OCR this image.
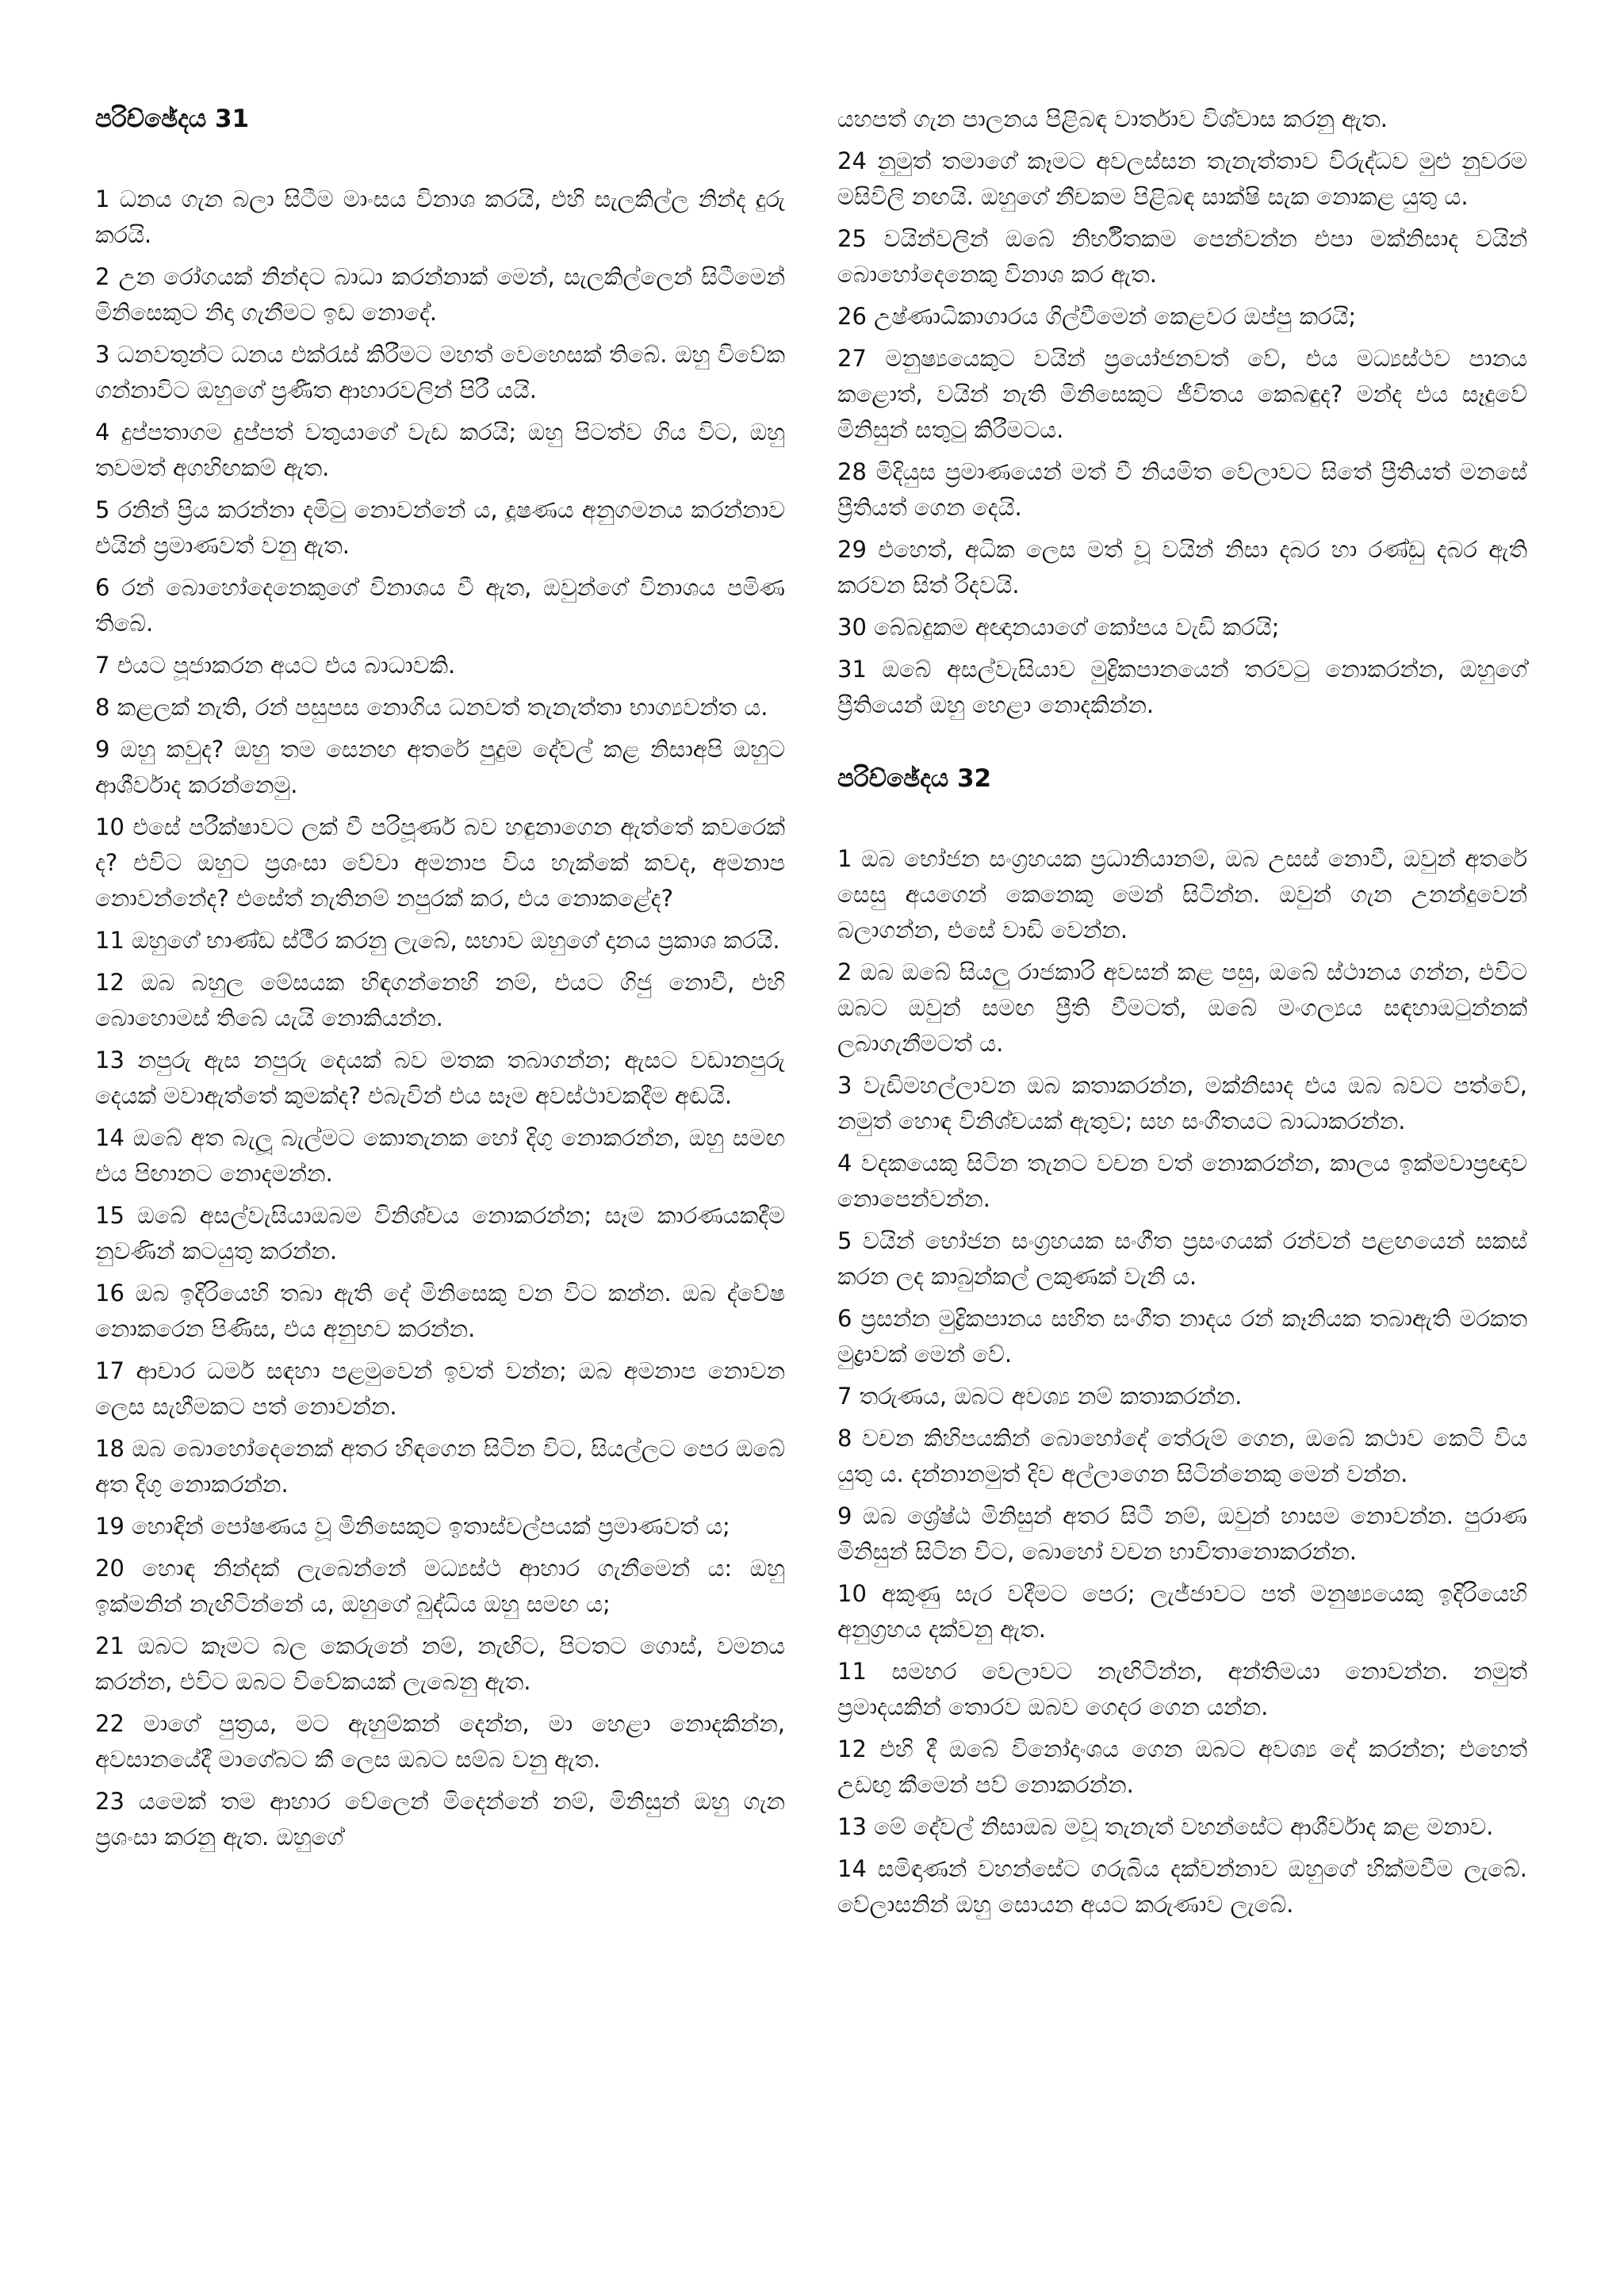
පරිච්ඡේදය 31

1 ධනය ගැන බලා සිටීම මාංසය විනාශ කරයි, එහි සැලකිල්ල නින්ද දුරු කරයි.

2 උන රෝගයක් නින්දට බාධා කරන්නාක් මෙන්, සැලකිල්ලෙන් සිටීමෙන් මිනිසෙකුට නිදා ගැනීමට ඉඩ නොදේ.

3 ධනවතුන්ට ධනය එක්රැස් කිරීමට මහත් වෙහෙසක් තිබේ. ඔහු විවේක ගන්නාවිට ඔහුගේ ප්‍රණීත ආහාරවලින් පිරී යයි.

4 දුප්පතාගම දුප්පත් වතුයාගේ වැඩ කරයි; ඔහු පිටත්ව ගිය විට, ඔහු තවමත් අගහිඟකම් ඇත.

5 රනින් ප්‍රිය කරන්නා දමිටු නොවන්නේ ය, දූෂණය අනුගමනය කරන්නාව එයින් ප්‍රමාණවත් වනු ඇත.

6 රන් බොහෝදෙනෙකුගේ විනාශය වී ඇත, ඔවුන්ගේ විනාශය පමිණ තිබේ.

7 එයට පූජාකරන අයට එය බාධාවකි.

8 කළලක් නැති, රන් පසුපස නොගිය ධනවත් තැනැත්තා භාග්‍යවන්ත ය.

9 ඔහු කවුද? ඔහු තම සෙනඟ අතරේ පුදුම දේවල් කළ නිසාඅපි ඔහුට ආශීර්වාද කරන්නෙමු.

10 එසේ පරීක්ෂාවට ලක් වී පරිපූර්ණ බව හඳුනාගෙන ඇත්තේ කවරෙක් ද? එවිට ඔහුට ප්‍රශංසා වේවා අමනාප විය හැක්කේ කවද, අමනාප නොවන්නේද? එසේත් නැතිනම් නපුරක් කර, එය නොකළේද?

11 ඔහුගේ භාණ්ඩ ස්ථීර කරනු ලැබේ, සභාව ඔහුගේ දානය ප්‍රකාශ කරයි.

12 ඔබ බහුල මේසයක හිඳගන්නෙහි නම්, එයට ගිජු නොවී, එහි බොහොමස් තිබේ යැයි නොකියන්න.

13 නපුරු ඇස නපුරු දෙයක් බව මතක තබාගන්න; ඇසට වඩානපුරු දෙයක් මවාඇත්තේ කුමක්ද? එබැවින් එය සෑම අවස්ථාවකදීම අඬයි.

14 ඔබේ අත බැලූ බැල්මට කොතැනක හෝ දිගු නොකරන්න, ඔහු සමඟ එය පිඟානට නොදමන්න.

15 ඔබේ අසල්වැසියාඔබම විනිශ්චය නොකරන්න; සෑම කාරණයකදීම නුවණින් කටයුතු කරන්න.

16 ඔබ ඉදිරියෙහි තබා ඇති දේ මිනිසෙකු වන විට කන්න. ඔබ ද්වේෂ නොකරෙන පිණිස, එය අනුභව කරන්න.

17 ආචාර ධර්ම සඳහා පළමුවෙන් ඉවත් වන්න; ඔබ අමනාප නොවන ලෙස සැහීමකට පත් නොවන්න.

18 ඔබ බොහෝදෙනෙක් අතර හිඳගෙන සිටින විට, සියල්ලට පෙර ඔබේ අත දිගු නොකරන්න.

19 හොඳින් පෝෂණය වූ මිනිසෙකුට ඉතාස්වල්පයක් ප්‍රමාණවත් ය;

20 හොඳ නින්දක් ලැබෙන්නේ මධ්‍යස්ථ ආහාර ගැනීමෙන් ය: ඔහු ඉක්මනින් නැඟිටින්නේ ය, ඔහුගේ බුද්ධිය ඔහු සමඟ ය;

21 ඔබට කෑමට බල කෙරුනේ නම්, නැඟිට, පිටතට ගොස්, වමනය කරන්න, එවිට ඔබට විවේකයක් ලැබෙනු ඇත.

22 මාගේ පුත්‍රය, මට ඇහුම්කන් දෙන්න, මා හෙළා නොදකින්න, අවසානයේදී මාගේබට කී ලෙස ඔබට සම්බ වනු ඇත.

23 යමෙක් තම ආහාර වේලෙන් මිදෙන්නේ නම්, මිනිසුන් ඔහු ගැන ප්‍රශංසා කරනු ඇත. ඔහුගේ

යහපත් ගැන පාලනය පිළිබඳ වාර්තාව විශ්වාස කරනු ඇත.

24 නුමුත් තමාගේ කෑමට අවලස්සන තැනැත්තාව විරුද්ධව මුළු නුවරම මසිවිලි නඟයි. ඔහුගේ නීචකම පිළිබඳ සාක්ෂි සැක නොකළ යුතු ය.

25 වයින්වලින් ඔබේ නිර්භීතකම පෙන්වන්න එපා මක්නිසාද වයින් බොහෝදෙනෙකු විනාශ කර ඇත.

26 උෂ්ණාධිකාගාරය ගිල්වීමෙන් කෙළවර ඔප්පු කරයි;

27 මනුෂ්‍යයෙකුට වයින් ප්‍රයෝජනවත් වේ, එය මධ්‍යස්ථව පානය කළොත්, වයින් නැති මිනිසෙකුට ජීවිතය කෙබඳුද? මන්ද එය සෑදුවේ මිනිසුන් සතුටු කිරීමටය.

28 මිදියුස ප්‍රමාණයෙන් මත් වී නියමිත වේලාවට සිතේ ප්‍රීතියත් මනසේ ප්‍රීතියත් ගෙන දෙයි.

29 එහෙත්, අධික ලෙස මත් වූ වයින් නිසා දබර හා රණ්ඩු දබර ඇති කරවන සිත් රිදවයි.

30 බේබදුකම අඥානයාගේ කෝපය වැඩි කරයි;

31 ඔබේ අසල්වැසියාව මුද්‍රිකපානයෙන් තරවටු නොකරන්න, ඔහුගේ ප්‍රීතියෙන් ඔහු හෙළා නොදකින්න.

පරිච්ඡේදය 32

1 ඔබ භෝජන සංග්‍රහයක ප්‍රධානියානම්, ඔබ උසස් නොවී, ඔවුන් අතරේ සෙසු අයගෙන් කෙනෙකු මෙන් සිටින්න. ඔවුන් ගැන උනන්දුවෙන් බලාගන්න, එසේ වාඩි වෙන්න.

2 ඔබ ඔබේ සියලු රාජකාරි අවසන් කළ පසු, ඔබේ ස්ථානය ගන්න, එවිට ඔබට ඔවුන් සමඟ ප්‍රීති වීමටත්, ඔබේ මංගල්‍යය සඳහාඔටුන්නක් ලබාගැනීමටත් ය.

3 වැඩිමහල්ලාවන ඔබ කතාකරන්න, මක්නිසාද එය ඔබ බවට පත්වේ, නමුත් හොඳ විනිශ්චයක් ඇතුව; සහ සංගීතයට බාධාකරන්න.

4 වදකයෙකු සිටින තැනට වචන වත් නොකරන්න, කාලය ඉක්මවාප්‍රඥාව නොපෙන්වන්න.

5 වයින් භෝජන සංග්‍රහයක සංගීත ප්‍රසංගයක් රන්වන් පළඟයෙන් සකස් කරන ලද කාබුන්කල් ලකුණක් වැනි ය.

6 ප්‍රසන්න මුද්‍රිකපානය සහිත සංගීත නාදය රන් කෑනියක තබාඇති මරකත මුද්‍රාවක් මෙන් වේ.

7 තරුණය, ඔබට අවශ්‍ය නම් කතාකරන්න.

8 වචන කිහිපයකින් බොහෝදේ තේරුම් ගෙන, ඔබේ කථාව කෙටි විය යුතු ය. දන්නානමුත් දිව අල්ලාගෙන සිටින්නෙකු මෙන් වන්න.

9 ඔබ ශ්‍රේෂ්ඨ මිනිසුන් අතර සිටී නම්, ඔවුන් හාසම නොවන්න. පුරාණ මිනිසුන් සිටින විට, බොහෝ වචන භාවිතානොකරන්න.

10 අකුණු සැර වදීමට පෙර; ලැජ්ජාවට පත් මනුෂ්‍යයෙකු ඉදිරියෙහි අනුග්‍රහය දක්වනු ඇත.

11 සමහර වෙලාවට නැඟිටින්න, අන්තිමයා නොවන්න. නමුත් ප්‍රමාදයකින් තොරව ඔබව ගෙදර ගෙන යන්න.

12 එහි දී ඔබේ විනෝදාංශය ගෙන ඔබට අවශ්‍ය දේ කරන්න; එහෙත් උඩඟු කීමෙන් පව් නොකරන්න.

13 මේ දේවල් නිසාඔබ මවූ තැනැත් වහන්සේට ආශීර්වාද කළ මනාව.

14 සමිඳාණන් වහන්සේට ගරුබිය දක්වන්නාව ඔහුගේ හික්මවීම ලැබේ. වේලාසනින් ඔහු සොයන අයට කරුණාව ලැබේ.
